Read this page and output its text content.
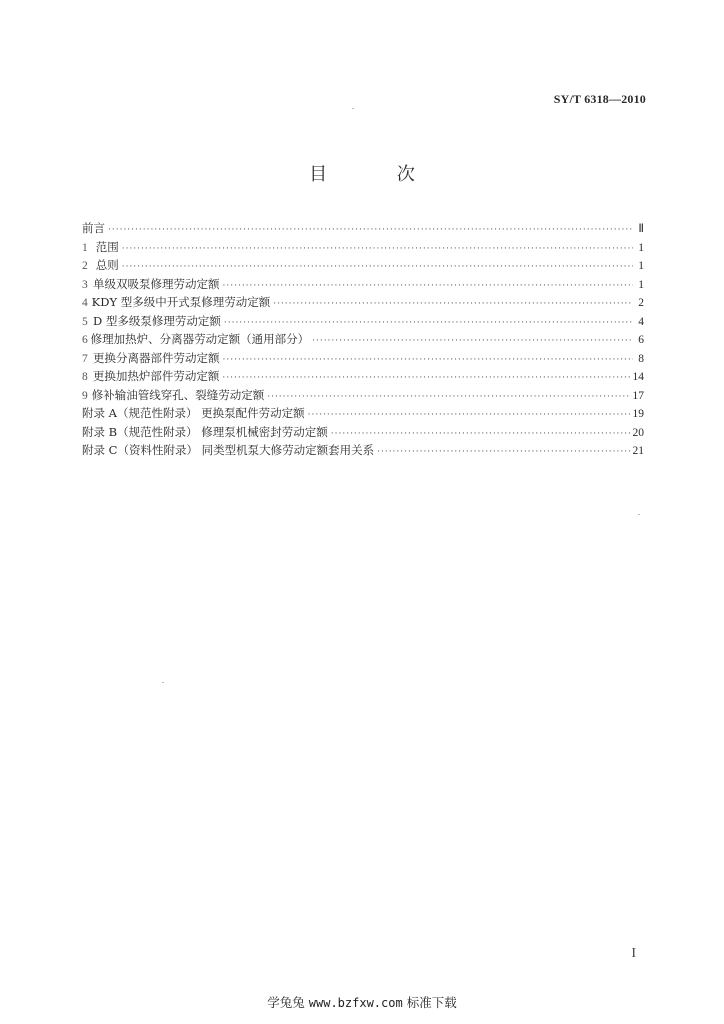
SY/T 6318—2010
目 次
前言 ·····	Ⅱ
1 范围 ·····	1
2 总则 ·····	1
3 单级双吸泵修理劳动定额 ·····	1
4 KDY 型多级中开式泵修理劳动定额 ·····	2
5 D 型多级泵修理劳动定额 ·····	4
6 修理加热炉、分离器劳动定额（通用部分） ·····	6
7 更换分离器部件劳动定额 ·····	8
8 更换加热炉部件劳动定额 ·····	14
9 修补输油管线穿孔、裂缝劳动定额 ·····	17
附录 A（规范性附录） 更换泵配件劳动定额 ·····	19
附录 B（规范性附录） 修理泵机械密封劳动定额 ·····	20
附录 C（资料性附录） 同类型机泵大修劳动定额套用关系 ·····	21
I
学兔兔 www.bzfxw.com 标准下载
